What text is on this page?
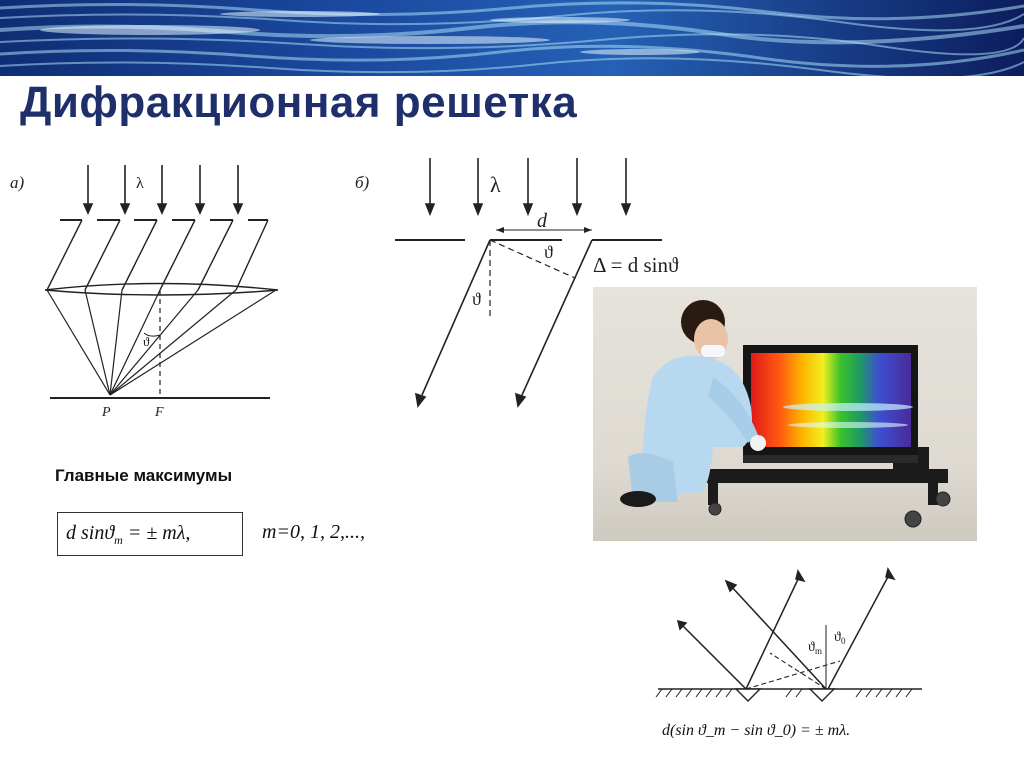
Дифракционная решетка
а)	λ
ϑ
P	F
б)	λ
d
ϑ
ϑ
Δ = d sinϑ
Главные максимумы
d sinϑ$_m$ = ± mλ,	m=0, 1, 2,...,
$ϑ_m$
$ϑ_0$
d(sin ϑ_m − sin ϑ_0) = ± mλ.
